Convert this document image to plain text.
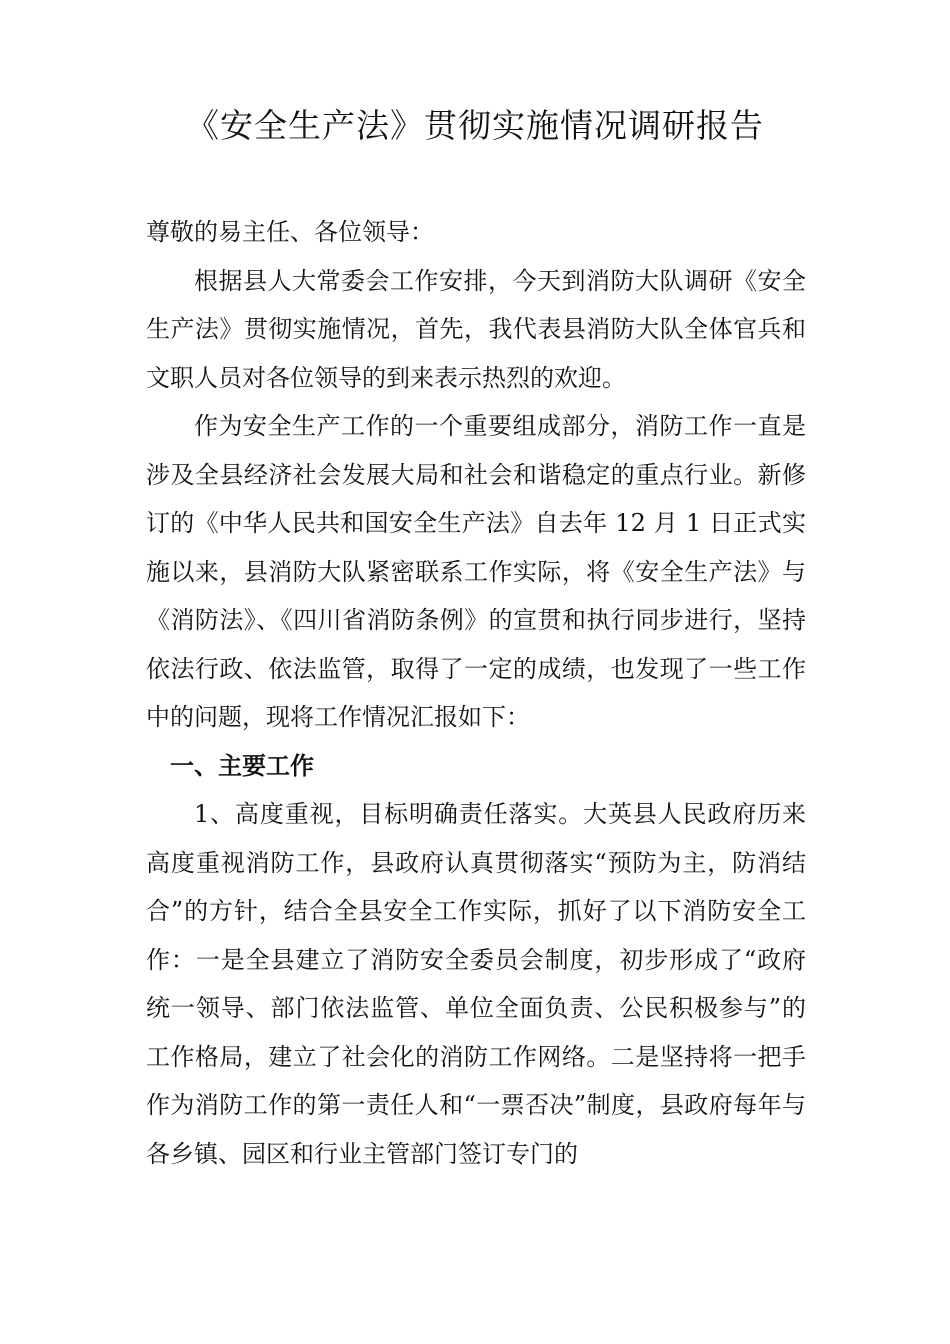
《安全生产法》贯彻实施情况调研报告

尊敬的易主任、各位领导：

根据县人大常委会工作安排，今天到消防大队调研《安全生产法》贯彻实施情况，首先，我代表县消防大队全体官兵和文职人员对各位领导的到来表示热烈的欢迎。

作为安全生产工作的一个重要组成部分，消防工作一直是涉及全县经济社会发展大局和社会和谐稳定的重点行业。新修订的《中华人民共和国安全生产法》自去年 12 月 1 日正式实施以来，县消防大队紧密联系工作实际，将《安全生产法》与《消防法》、《四川省消防条例》的宣贯和执行同步进行，坚持依法行政、依法监管，取得了一定的成绩，也发现了一些工作中的问题，现将工作情况汇报如下：

一、主要工作

1、高度重视，目标明确责任落实。大英县人民政府历来高度重视消防工作，县政府认真贯彻落实“预防为主，防消结合”的方针，结合全县安全工作实际，抓好了以下消防安全工作：一是全县建立了消防安全委员会制度，初步形成了“政府统一领导、部门依法监管、单位全面负责、公民积极参与”的工作格局，建立了社会化的消防工作网络。二是坚持将一把手作为消防工作的第一责任人和“一票否决”制度，县政府每年与各乡镇、园区和行业主管部门签订专门的
